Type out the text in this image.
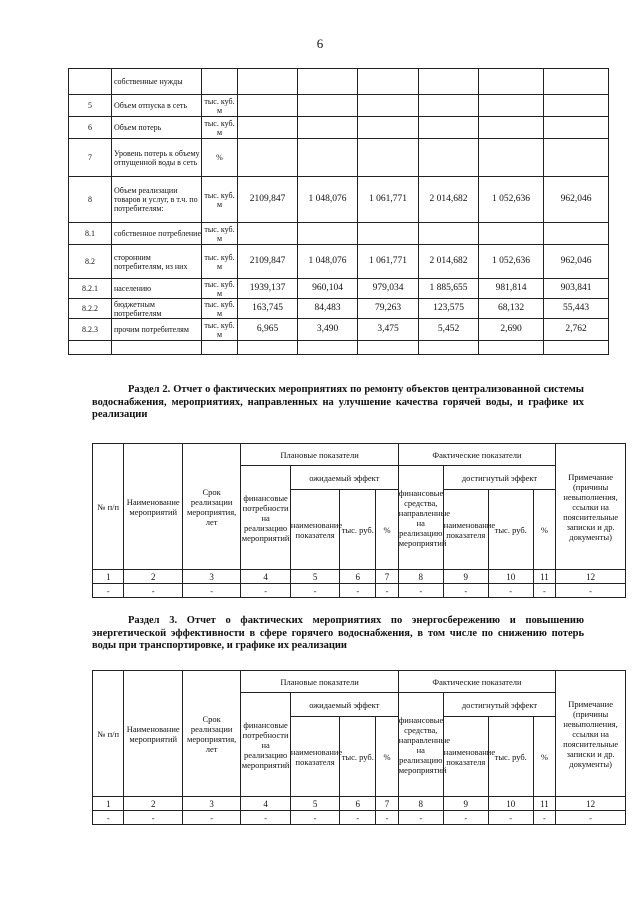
6
	собственные нужды							
5	Объем отпуска в сеть	тыс. куб. м						
6	Объем потерь	тыс. куб. м						
7	Уровень потерь к объему отпущенной воды в сеть	%						
8	Объем реализации товаров и услуг, в т.ч. по потребителям:	тыс. куб. м	2109,847	1 048,076	1 061,771	2 014,682	1 052,636	962,046
8.1	собственное потребление	тыс. куб. м						
8.2	сторонним потребителям, из них	тыс. куб. м	2109,847	1 048,076	1 061,771	2 014,682	1 052,636	962,046
8.2.1	населению	тыс. куб. м	1939,137	960,104	979,034	1 885,655	981,814	903,841
8.2.2	бюджетным потребителям	тыс. куб. м	163,745	84,483	79,263	123,575	68,132	55,443
8.2.3	прочим потребителям	тыс. куб. м	6,965	3,490	3,475	5,452	2,690	2,762

Раздел 2. Отчет о фактических мероприятиях по ремонту объектов централизованной системы водоснабжения, мероприятиях, направленных на улучшение качества горячей воды, и графике их реализации
№ п/п	Наименование мероприятий	Срок реализации мероприятия, лет	Плановые показатели				Фактические показатели				Примечание (причины невыполнения, ссылки на пояснительные записки и др. документы)
			финансовые потребности на реализацию мероприятий	ожидаемый эффект			финансовые средства, направленные на реализацию мероприятий	достигнутый эффект			
				наименование показателя	тыс. руб.	%		наименование показателя	тыс. руб.	%	
1	2	3	4	5	6	7	8	9	10	11	12
-	-	-	-	-	-	-	-	-	-	-	-
Раздел 3. Отчет о фактических мероприятиях по энергосбережению и повышению энергетической эффективности в сфере горячего водоснабжения, в том числе по снижению потерь воды при транспортировке, и графике их реализации
№ п/п	Наименование мероприятий	Срок реализации мероприятия, лет	Плановые показатели				Фактические показатели				Примечание (причины невыполнения, ссылки на пояснительные записки и др. документы)
			финансовые потребности на реализацию мероприятий	ожидаемый эффект			финансовые средства, направленные на реализацию мероприятий	достигнутый эффект			
				наименование показателя	тыс. руб.	%		наименование показателя	тыс. руб.	%	
1	2	3	4	5	6	7	8	9	10	11	12
-	-	-	-	-	-	-	-	-	-	-	-
